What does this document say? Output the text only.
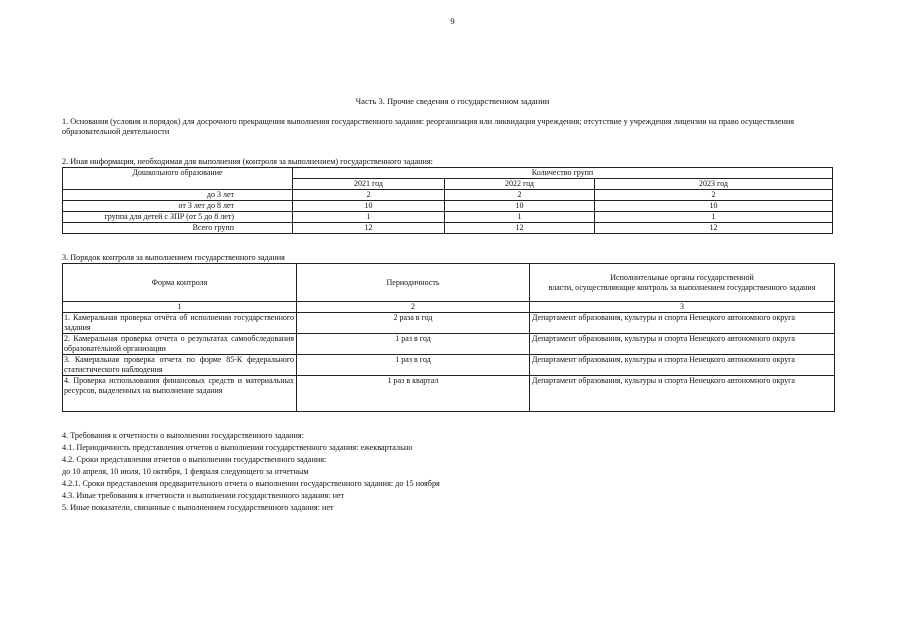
9
Часть 3. Прочие сведения о государственном задании
1. Основания (условия и порядок) для досрочного прекращения выполнения государственного задания: реорганизация или ликвидация учреждения; отсутствие у учреждения лицензии на право осуществления образовательной деятельности
2. Иная информация, необходимая для выполнения (контроля за выполнением) государственного задания:
Дошкольного образование	Количество групп		
	2021 год	2022 год	2023 год
до 3 лет	2	2	2
от 3 лет до 8 лет	10	10	10
группа для детей с ЗПР (от 5 до 8 лет)	1	1	1
Всего групп	12	12	12
3. Порядок контроля за выполнением государственного задания
Форма контроля	Периодичность	Исполнительные органы государственной
власти, осуществляющие контроль за выполнением государственного задания

1	2	3
1. Камеральная проверка отчёта об исполнении государственного задания	2 раза в год	Департамент образования, культуры и спорта Ненецкого автономного округа
2. Камеральная проверка отчета о результатах самообследования образовательной организации	1 раз в год	Департамент образования, культуры и спорта Ненецкого автономного округа
3. Камеральная проверка отчета по форме 85-К федерального статистического наблюдения	1 раз в год	Департамент образования, культуры и спорта Ненецкого автономного округа
4. Проверка использования финансовых средств и материальных ресурсов, выделенных на выполнение задания	1 раз в квартал	Департамент образования, культуры и спорта Ненецкого автономного округа
4. Требования к отчетности о выполнении государственного задания:
4.1. Периодичность представления отчетов о выполнении государственного задания: ежеквартально
4.2. Сроки представления отчетов о выполнении государственного задания:
до 10 апреля, 10 июля, 10 октября, 1 февраля следующего за отчетным
4.2.1. Сроки представления предварительного отчета о выполнении государственного задания: до 15 ноября
4.3. Иные требования к отчетности о выполнении государственного задания: нет
5. Иные показатели, связанные с выполнением государственного задания: нет
